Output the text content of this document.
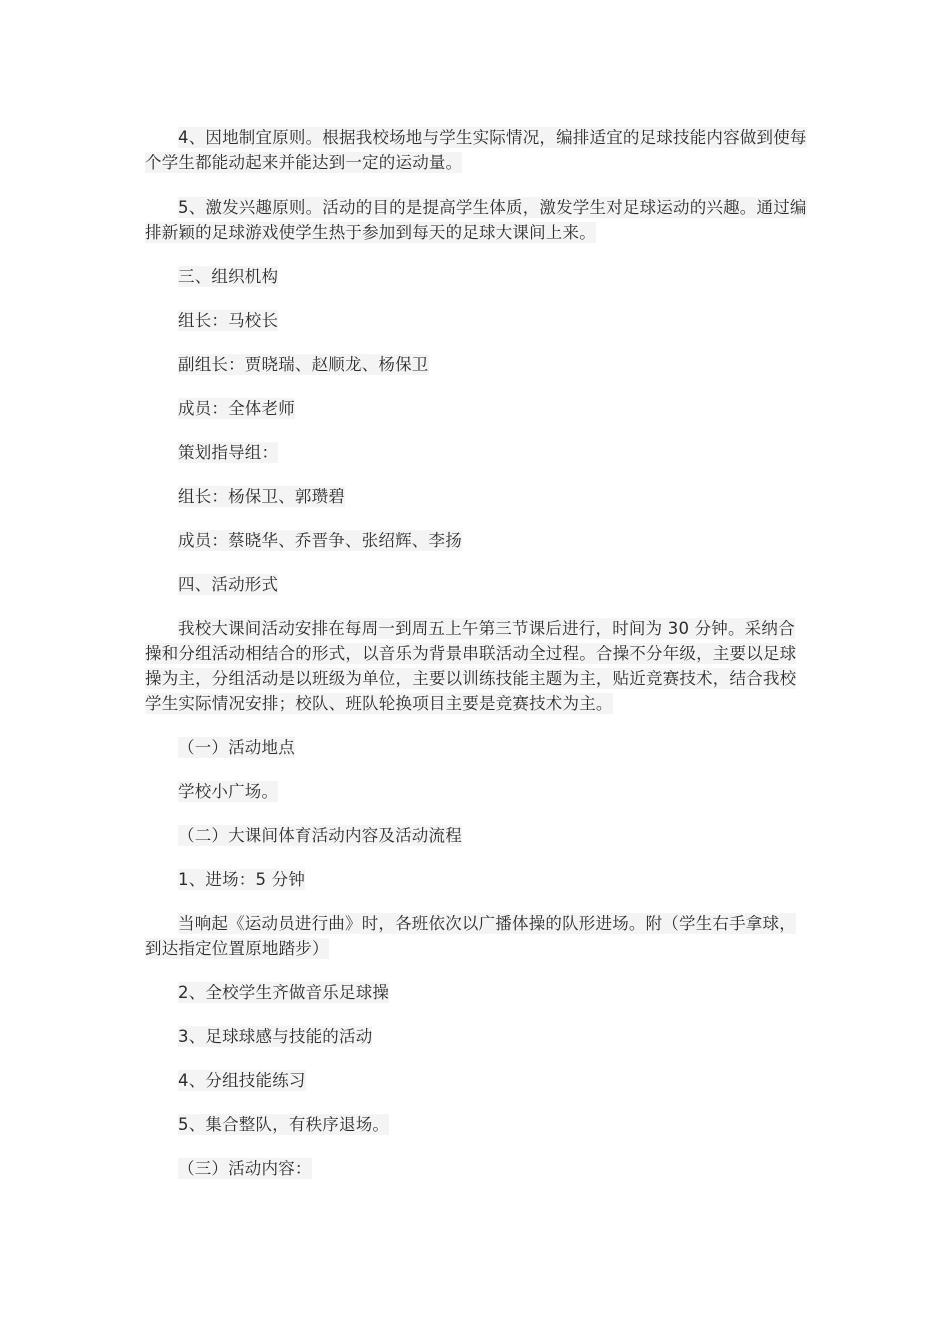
4、因地制宜原则。根据我校场地与学生实际情况，编排适宜的足球技能内容做到使每个学生都能动起来并能达到一定的运动量。

5、激发兴趣原则。活动的目的是提高学生体质，激发学生对足球运动的兴趣。通过编排新颖的足球游戏使学生热于参加到每天的足球大课间上来。

三、组织机构

组长：马校长

副组长：贾晓瑞、赵顺龙、杨保卫

成员：全体老师

策划指导组：

组长：杨保卫、郭瓒碧

成员：蔡晓华、乔晋争、张绍辉、李扬

四、活动形式

我校大课间活动安排在每周一到周五上午第三节课后进行，时间为 30 分钟。采纳合操和分组活动相结合的形式，以音乐为背景串联活动全过程。合操不分年级，主要以足球操为主，分组活动是以班级为单位，主要以训练技能主题为主，贴近竞赛技术，结合我校学生实际情况安排；校队、班队轮换项目主要是竞赛技术为主。

（一）活动地点

学校小广场。

（二）大课间体育活动内容及活动流程

1、进场：5 分钟

当响起《运动员进行曲》时，各班依次以广播体操的队形进场。附（学生右手拿球，到达指定位置原地踏步）

2、全校学生齐做音乐足球操

3、足球球感与技能的活动

4、分组技能练习

5、集合整队，有秩序退场。

（三）活动内容：
